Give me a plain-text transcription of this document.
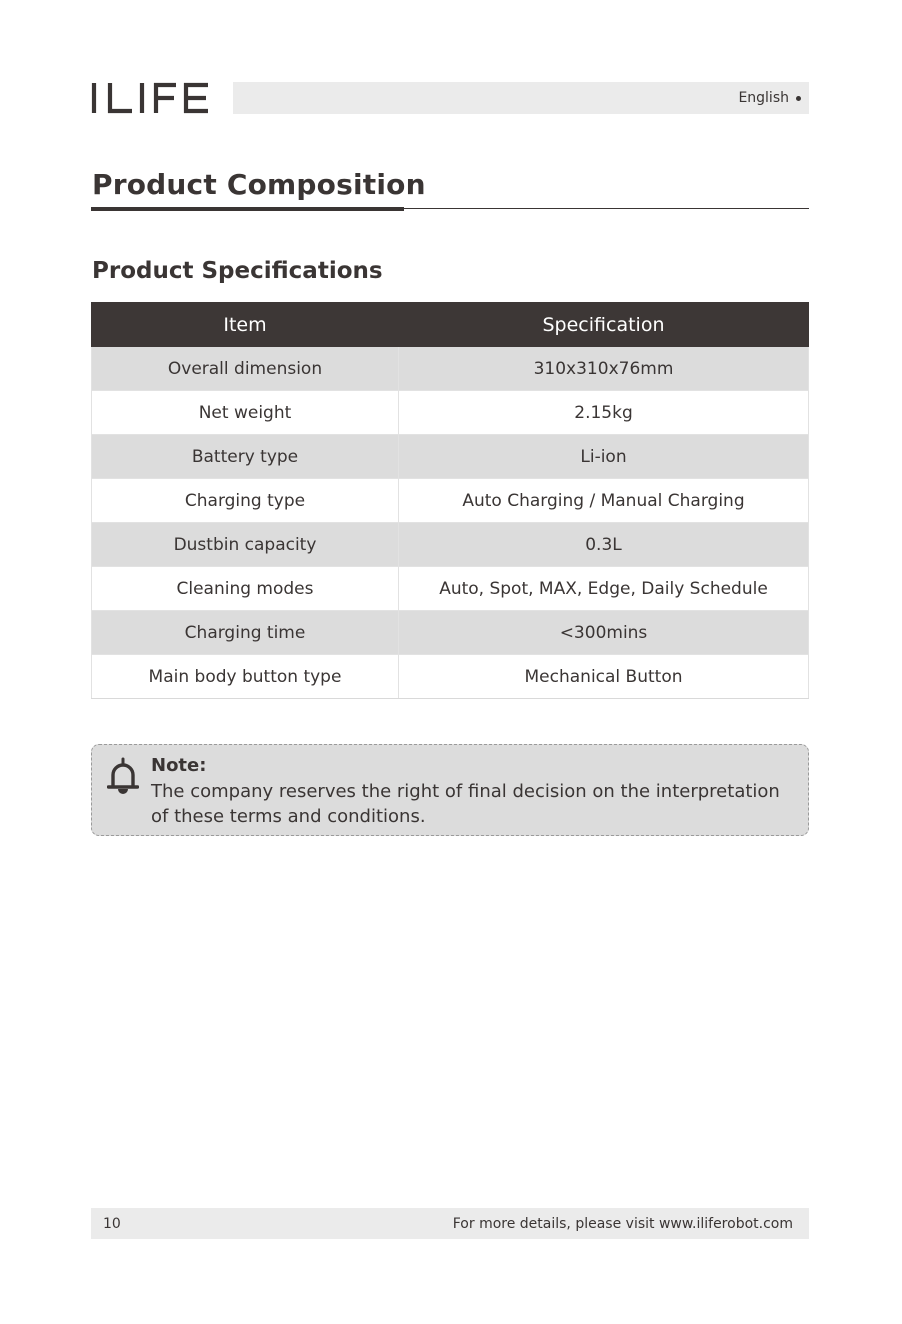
English
Product Composition
Product Specifications
Item	Specification
Overall dimension	310x310x76mm
Net weight	2.15kg
Battery type	Li-ion
Charging type	Auto Charging / Manual Charging
Dustbin capacity	0.3L
Cleaning modes	Auto, Spot, MAX, Edge, Daily Schedule
Charging time	<300mins
Main body button type	Mechanical Button
Note:
The company reserves the right of final decision on the interpretation of these terms and conditions.
10	For more details, please visit www.iliferobot.com
